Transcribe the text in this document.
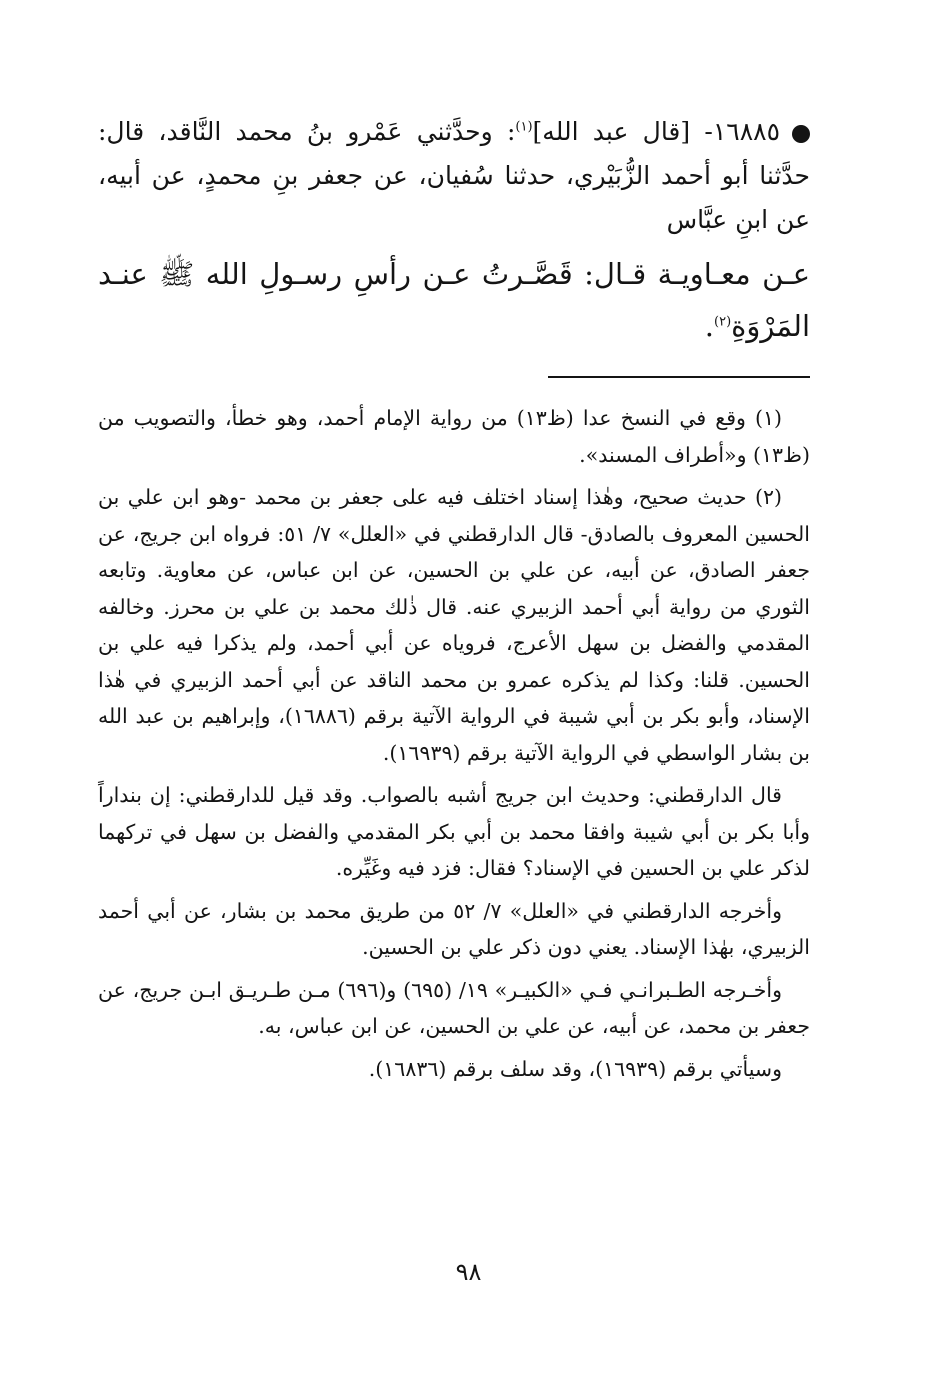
١٦٨٨٥- [قال عبد الله]$^{(١)}$: وحدَّثني عَمْرو بنُ محمد النَّاقد، قال: حدَّثنا أبو أحمد الزُّبَيْري، حدثنا سُفيان، عن جعفر بنِ محمدٍ، عن أبيه، عن ابنِ عبَّاس

عـن معـاويـة قـال: قَصَّـرتُ عـن رأسِ رسـولِ الله ﷺ عنـد المَرْوَةِ$^{(٢)}$.

(١) وقع في النسخ عدا (ظ١٣) من رواية الإمام أحمد، وهو خطأ، والتصويب من (ظ١٣) و«أطراف المسند».

(٢) حديث صحيح، وهٰذا إسناد اختلف فيه على جعفر بن محمد -وهو ابن علي بن الحسين المعروف بالصادق- قال الدارقطني في «العلل» ٧/ ٥١: فرواه ابن جريج، عن جعفر الصادق، عن أبيه، عن علي بن الحسين، عن ابن عباس، عن معاوية. وتابعه الثوري من رواية أبي أحمد الزبيري عنه. قال ذٰلك محمد بن علي بن محرز. وخالفه المقدمي والفضل بن سهل الأعرج، فروياه عن أبي أحمد، ولم يذكرا فيه علي بن الحسين. قلنا: وكذا لم يذكره عمرو بن محمد الناقد عن أبي أحمد الزبيري في هٰذا الإسناد، وأبو بكر بن أبي شيبة في الرواية الآتية برقم (١٦٨٨٦)، وإبراهيم بن عبد الله بن بشار الواسطي في الرواية الآتية برقم (١٦٩٣٩).

قال الدارقطني: وحديث ابن جريج أشبه بالصواب. وقد قيل للدارقطني: إن بنداراً وأبا بكر بن أبي شيبة وافقا محمد بن أبي بكر المقدمي والفضل بن سهل في تركهما لذكر علي بن الحسين في الإسناد؟ فقال: فزد فيه وغَيِّره.

وأخرجه الدارقطني في «العلل» ٧/ ٥٢ من طريق محمد بن بشار، عن أبي أحمد الزبيري، بهٰذا الإسناد. يعني دون ذكر علي بن الحسين.

وأخـرجه الطـبرانـي فـي «الكبيـر» ١٩/ (٦٩٥) و(٦٩٦) مـن طـريـق ابـن جريج، عن جعفر بن محمد، عن أبيه، عن علي بن الحسين، عن ابن عباس، به.

وسيأتي برقم (١٦٩٣٩)، وقد سلف برقم (١٦٨٣٦).

٩٨
